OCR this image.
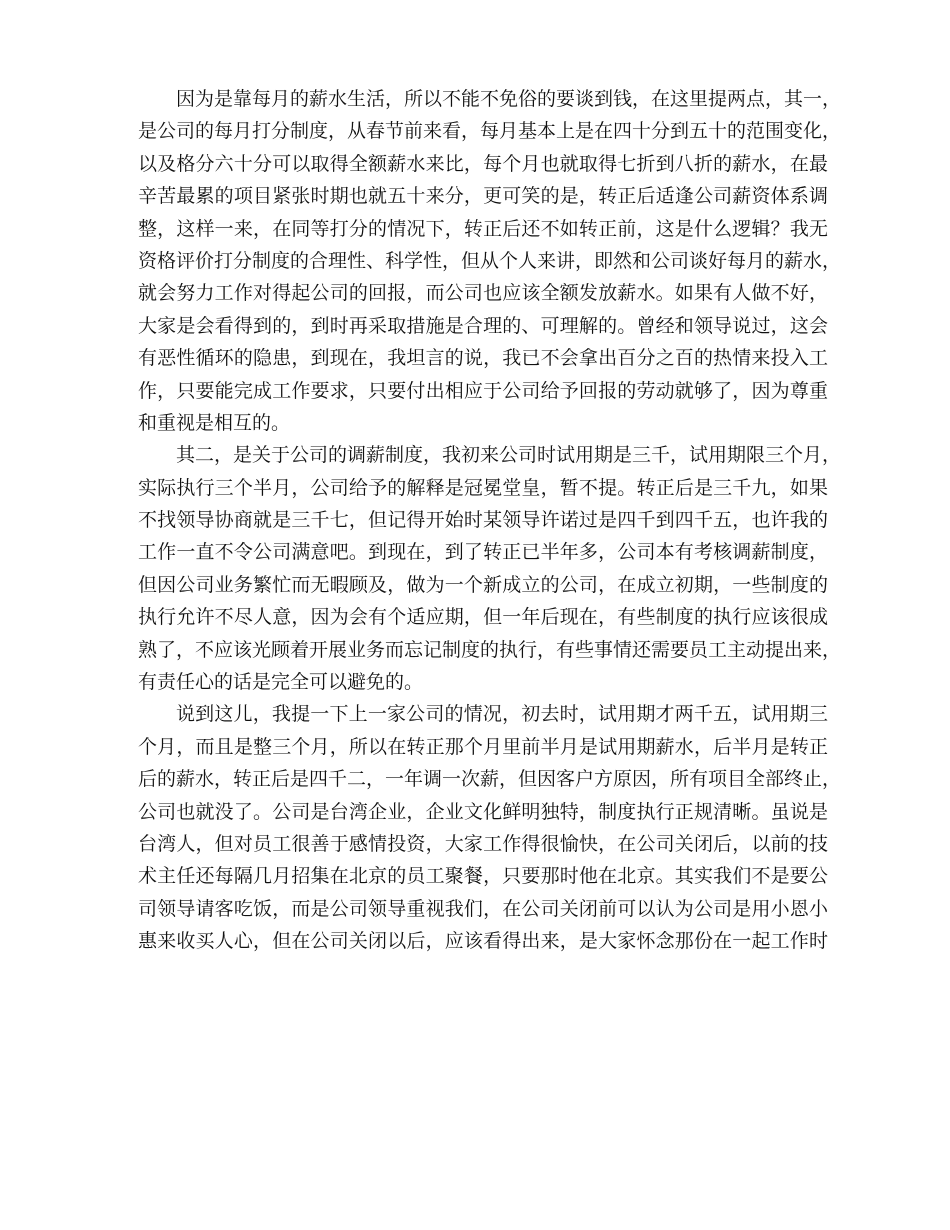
因为是靠每月的薪水生活，所以不能不免俗的要谈到钱，在这里提两点，其一，
是公司的每月打分制度，从春节前来看，每月基本上是在四十分到五十的范围变化，
以及格分六十分可以取得全额薪水来比，每个月也就取得七折到八折的薪水，在最
辛苦最累的项目紧张时期也就五十来分，更可笑的是，转正后适逢公司薪资体系调
整，这样一来，在同等打分的情况下，转正后还不如转正前，这是什么逻辑？我无
资格评价打分制度的合理性、科学性，但从个人来讲，即然和公司谈好每月的薪水，
就会努力工作对得起公司的回报，而公司也应该全额发放薪水。如果有人做不好，
大家是会看得到的，到时再采取措施是合理的、可理解的。曾经和领导说过，这会
有恶性循环的隐患，到现在，我坦言的说，我已不会拿出百分之百的热情来投入工
作，只要能完成工作要求，只要付出相应于公司给予回报的劳动就够了，因为尊重
和重视是相互的。
其二，是关于公司的调薪制度，我初来公司时试用期是三千，试用期限三个月，
实际执行三个半月，公司给予的解释是冠冕堂皇，暂不提。转正后是三千九，如果
不找领导协商就是三千七，但记得开始时某领导许诺过是四千到四千五，也许我的
工作一直不令公司满意吧。到现在，到了转正已半年多，公司本有考核调薪制度，
但因公司业务繁忙而无暇顾及，做为一个新成立的公司，在成立初期，一些制度的
执行允许不尽人意，因为会有个适应期，但一年后现在，有些制度的执行应该很成
熟了，不应该光顾着开展业务而忘记制度的执行，有些事情还需要员工主动提出来，
有责任心的话是完全可以避免的。
说到这儿，我提一下上一家公司的情况，初去时，试用期才两千五，试用期三
个月，而且是整三个月，所以在转正那个月里前半月是试用期薪水，后半月是转正
后的薪水，转正后是四千二，一年调一次薪，但因客户方原因，所有项目全部终止，
公司也就没了。公司是台湾企业，企业文化鲜明独特，制度执行正规清晰。虽说是
台湾人，但对员工很善于感情投资，大家工作得很愉快，在公司关闭后，以前的技
术主任还每隔几月招集在北京的员工聚餐，只要那时他在北京。其实我们不是要公
司领导请客吃饭，而是公司领导重视我们，在公司关闭前可以认为公司是用小恩小
惠来收买人心，但在公司关闭以后，应该看得出来，是大家怀念那份在一起工作时
